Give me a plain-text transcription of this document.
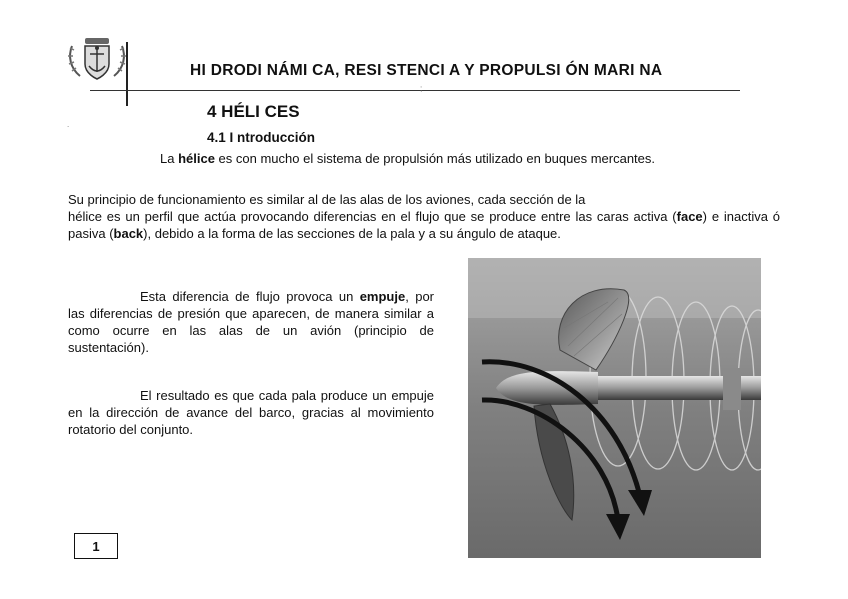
HI DRODI NÁMI CA, RESI STENCI A Y PROPULSI ÓN MARI NA
;
.
4 HÉLI CES
4.1 I ntroducción
La hélice es con mucho el sistema de propulsión más utilizado en buques mercantes.
Su principio de funcionamiento es similar al de las alas de los aviones, cada sección de la
hélice es un perfil que actúa provocando diferencias en el flujo que se produce entre las caras activa (face) e inactiva ó pasiva (back), debido a la forma de las secciones de la pala y a su ángulo de ataque.
Esta diferencia de flujo provoca un empuje, por las diferencias de presión que aparecen, de manera similar a como ocurre en las alas de un avión (principio de sustentación).
El resultado es que cada pala produce un empuje en la dirección de avance del barco, gracias al movimiento rotatorio del conjunto.
1
